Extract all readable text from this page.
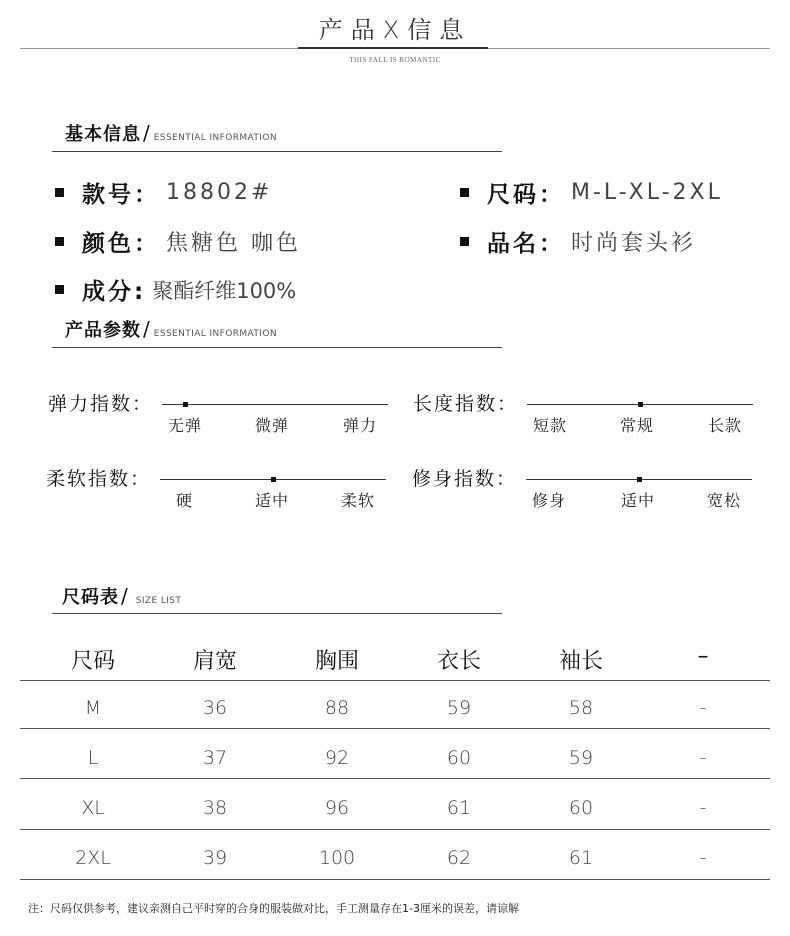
产品X信息
THIS FALL IS ROMANTIC
基本信息 / ESSENTIAL INFORMATION
款号： 18802#	尺码： M-L-XL-2XL
颜色： 焦糖色 咖色	品名： 时尚套头衫
成分: 聚酯纤维100%
产品参数 / ESSENTIAL INFORMATION
弹力指数：
无弹	微弹	弹力
长度指数：
短款	常规	长款
柔软指数：
硬	适中	柔软
修身指数：
修身	适中	宽松
尺码表 / SIZE LIST
尺码	肩宽	胸围	衣长	袖长	–
M	36	88	59	58	-
L	37	92	60	59	-
XL	38	96	61	60	-
2XL	39	100	62	61	-
注：尺码仅供参考，建议亲测自己平时穿的合身的服装做对比，手工测量存在1-3厘米的误差，请谅解
